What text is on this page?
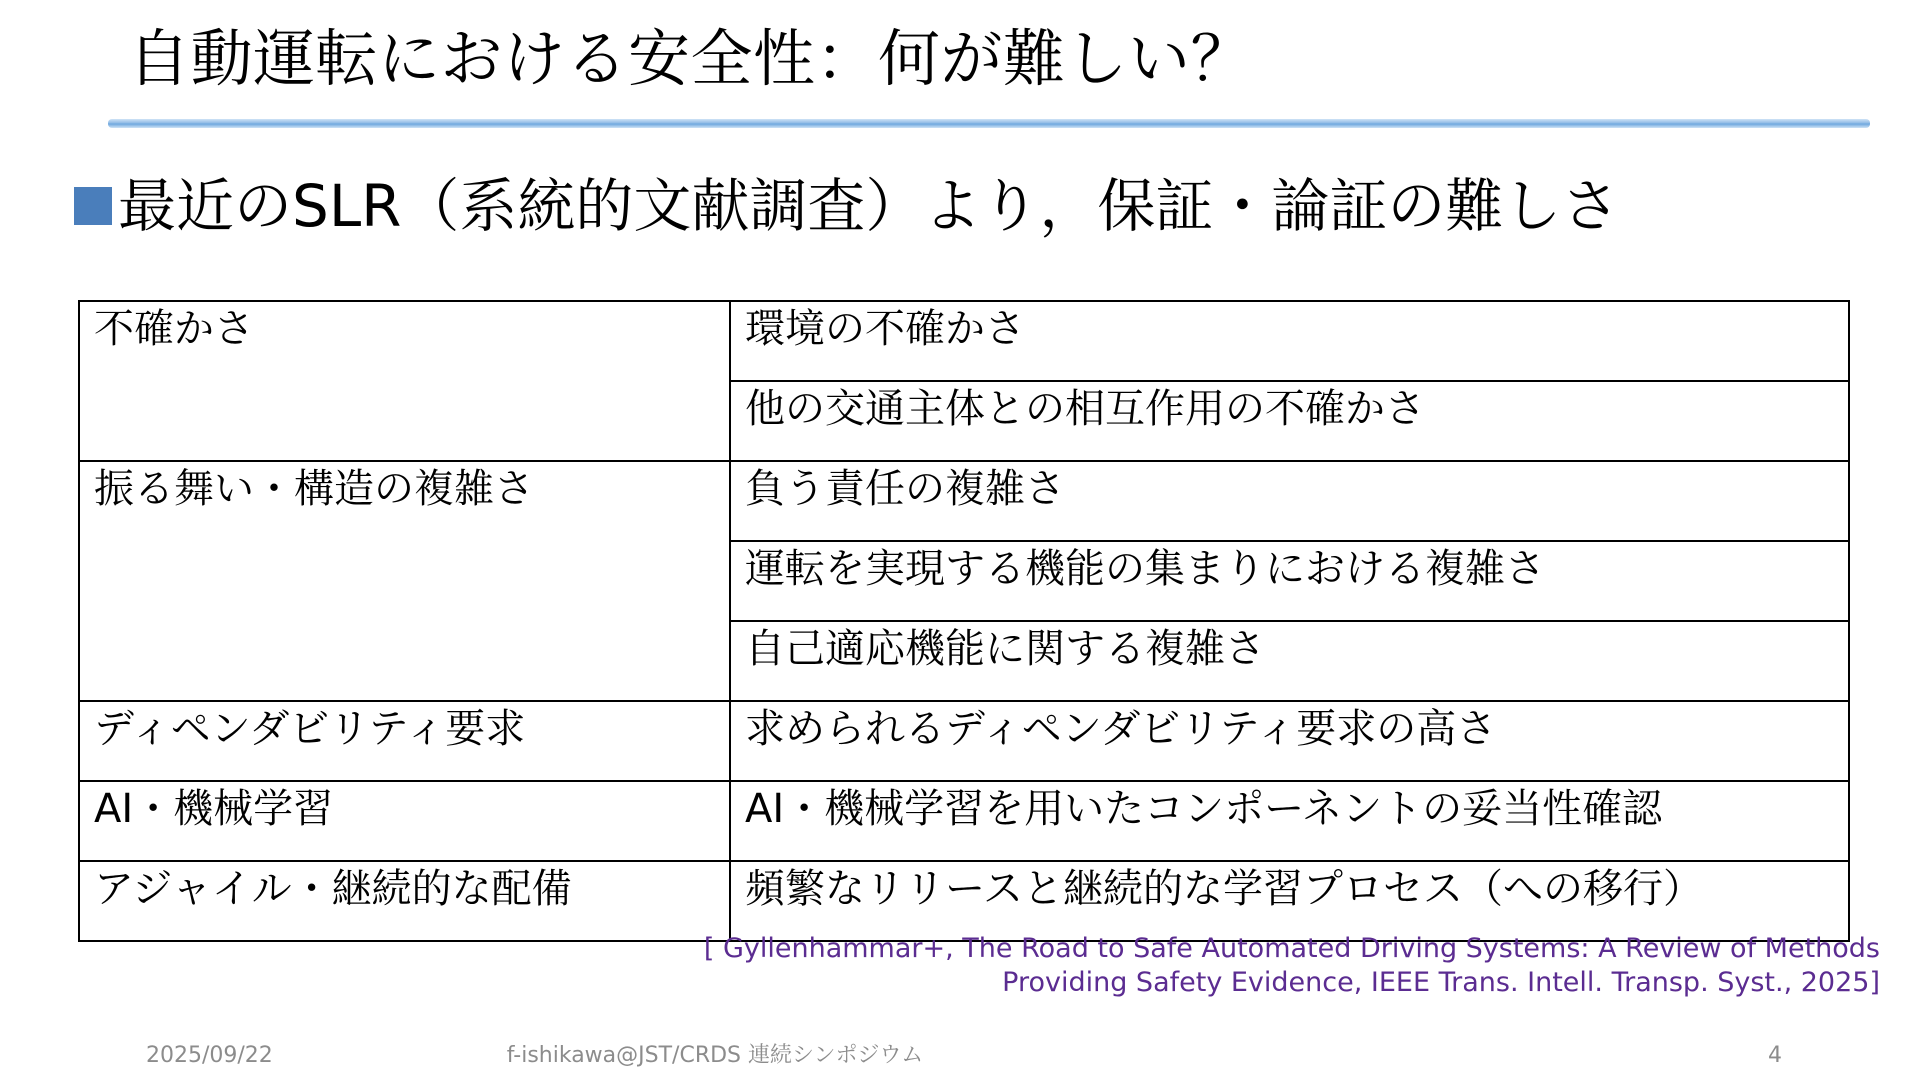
自動運転における安全性：何が難しい？
最近のSLR（系統的文献調査）より，保証・論証の難しさ
不確かさ	環境の不確かさ
	他の交通主体との相互作用の不確かさ
振る舞い・構造の複雑さ	負う責任の複雑さ
	運転を実現する機能の集まりにおける複雑さ
	自己適応機能に関する複雑さ
ディペンダビリティ要求	求められるディペンダビリティ要求の高さ
AI・機械学習	AI・機械学習を用いたコンポーネントの妥当性確認
アジャイル・継続的な配備	頻繁なリリースと継続的な学習プロセス（への移行）
[ Gyllenhammar+, The Road to Safe Automated Driving Systems: A Review of Methods
Providing Safety Evidence, IEEE Trans. Intell. Transp. Syst., 2025]
2025/09/22	f-ishikawa@JST/CRDS 連続シンポジウム	4
